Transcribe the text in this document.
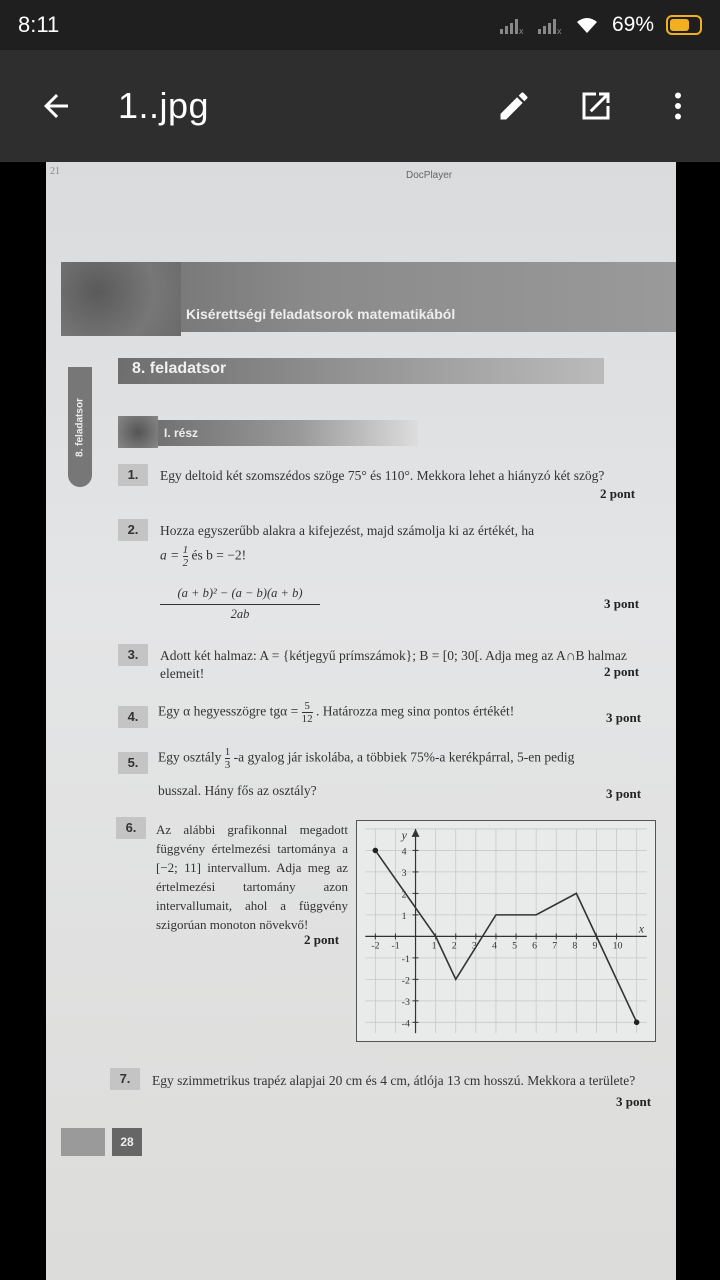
8:11	x	x 69%
1..jpg
21	DocPlayer
Kisérettségi feladatsorok matematikából
8. feladatsor
8. feladatsor	I. rész
1.	Egy deltoid két szomszédos szöge 75° és 110°. Mekkora lehet a hiányzó két szög?
2 pont
2.	Hozza egyszerűbb alakra a kifejezést, majd számolja ki az értékét, ha
$a = \frac{1}{2}$ és b = −2!
$\frac{\text{(a + b)² − (a − b)(a + b)}}{2ab}$	3 pont
3.	Adott két halmaz: A = {kétjegyű prímszámok}; B = [0; 30[. Adja meg az A∩B halmaz elemeit!	2 pont
4.	Egy α hegyesszögre $tg\alpha = \frac{5}{12}$ . Határozza meg sinα pontos értékét!	3 pont
5.	Egy osztály $\frac{1}{3} -a$ gyalog jár iskolába, a többiek 75%-a kerékpárral, 5-en pedig
busszal. Hány fős az osztály?	3 pont
6.	Az alábbi grafikonnal megadott függvény értelmezési tartománya a [−2; 11] intervallum. Adja meg az értelmezési tartomány azon intervallumait, ahol a függvény szigorúan monoton növekvő!
2 pont
x
y
-2 -1	1 2 3 4 5 6 7 8 9 10
4
3
2
1
-1
-2
-3
-4
7.	Egy szimmetrikus trapéz alapjai 20 cm és 4 cm, átlója 13 cm hosszú. Mekkora a területe?
3 pont
28
